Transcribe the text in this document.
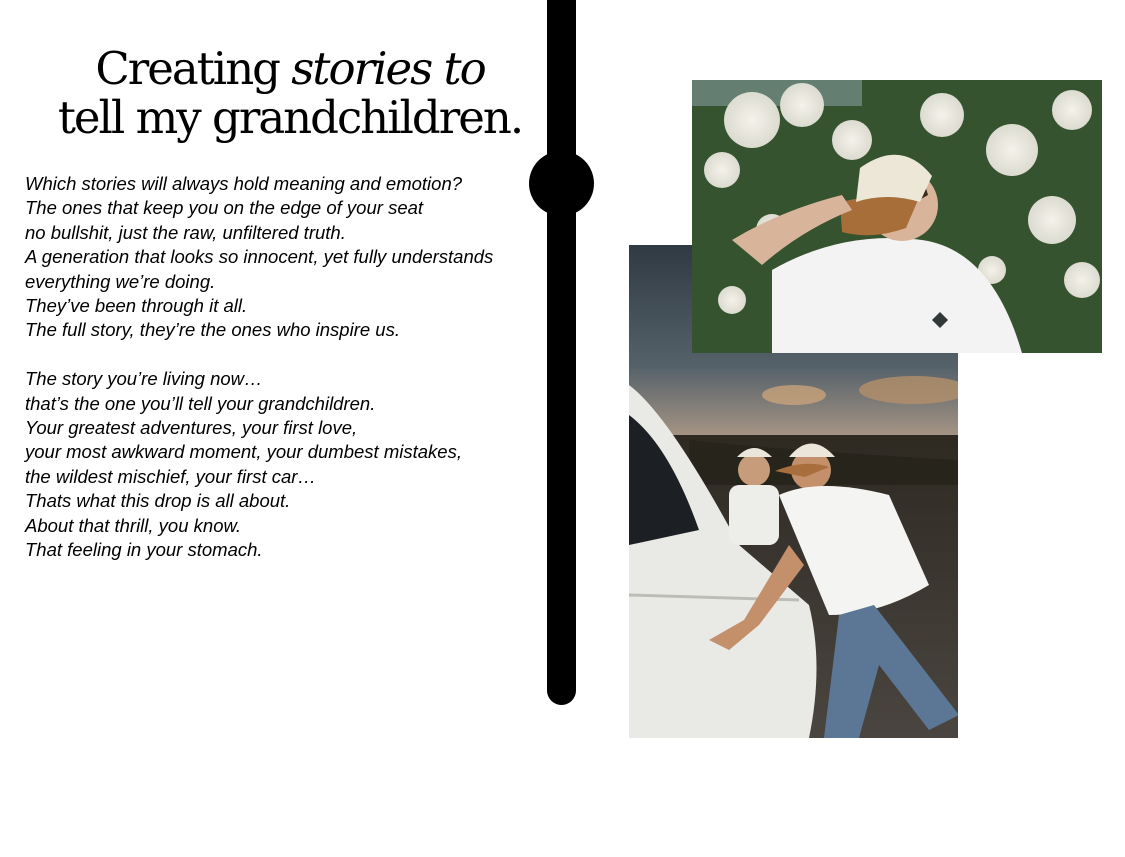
Creating stories to
tell my grandchildren.
Which stories will always hold meaning and emotion?
The ones that keep you on the edge of your seat
no bullshit, just the raw, unfiltered truth.
A generation that looks so innocent, yet fully understands
everything we’re doing.
They’ve been through it all.
The full story, they’re the ones who inspire us.
The story you’re living now…
that’s the one you’ll tell your grandchildren.
Your greatest adventures, your first love,
your most awkward moment, your dumbest mistakes,
the wildest mischief, your first car…
Thats what this drop is all about.
About that thrill, you know.
That feeling in your stomach.
